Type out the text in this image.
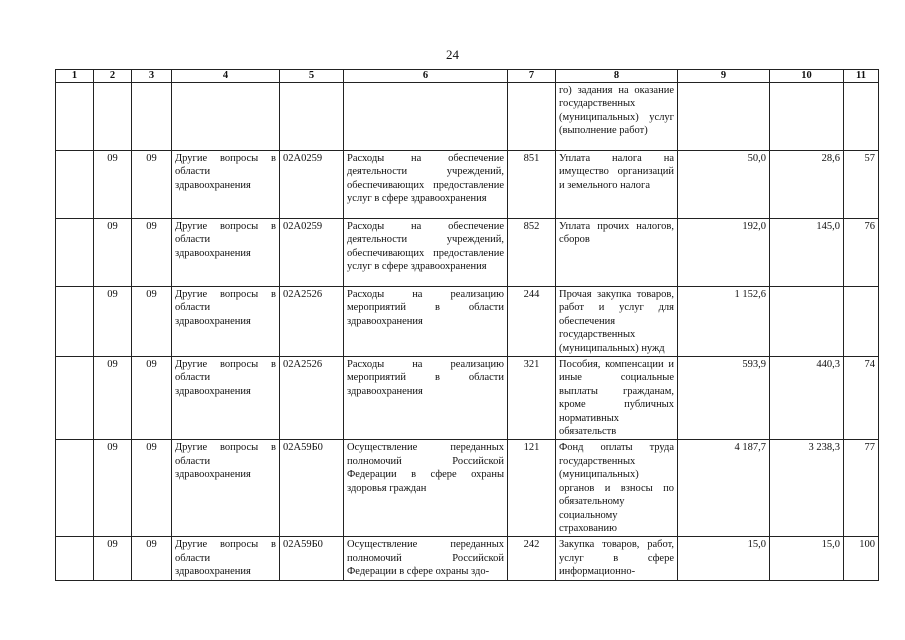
24
1	2	3	4	5	6	7	8	9	10	11
							го) задания на оказание государственных (муниципальных) услуг (выполнение работ)			
	09	09	Другие вопросы в области здравоохранения	02А0259	Расходы на обеспечение деятельности учреждений, обеспечивающих предоставление услуг в сфере здравоохранения	851	Уплата налога на имущество организаций и земельного налога	50,0	28,6	57
	09	09	Другие вопросы в области здравоохранения	02А0259	Расходы на обеспечение деятельности учреждений, обеспечивающих предоставление услуг в сфере здравоохранения	852	Уплата прочих налогов, сборов	192,0	145,0	76
	09	09	Другие вопросы в области здравоохранения	02А2526	Расходы на реализацию мероприятий в области здравоохранения	244	Прочая закупка товаров, работ и услуг для обеспечения государственных (муниципальных) нужд	1 152,6		
	09	09	Другие вопросы в области здравоохранения	02А2526	Расходы на реализацию мероприятий в области здравоохранения	321	Пособия, компенсации и иные социальные выплаты гражданам, кроме публичных нормативных обязательств	593,9	440,3	74
	09	09	Другие вопросы в области здравоохранения	02А59Б0	Осуществление переданных полномочий Российской Федерации в сфере охраны здоровья граждан	121	Фонд оплаты труда государственных (муниципальных) органов и взносы по обязательному социальному страхованию	4 187,7	3 238,3	77
	09	09	Другие вопросы в области здравоохранения	02А59Б0	Осуществление переданных полномочий Российской Федерации в сфере охраны здо-	242	Закупка товаров, работ, услуг в сфере информационно-	15,0	15,0	100
